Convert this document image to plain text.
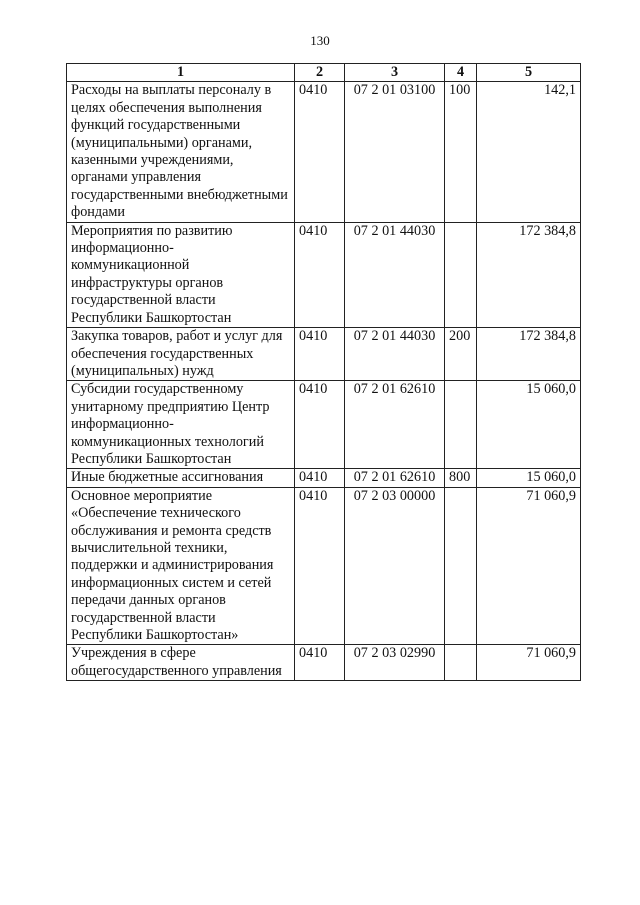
130
1	2	3	4	5
Расходы на выплаты персоналу в целях обеспечения выполнения функций государственными (муниципальными) органами, казенными учреждениями, органами управления государственными внебюджетными фондами	0410	07 2 01 03100	100	142,1
Мероприятия по развитию информационно-коммуникационной инфраструктуры органов государственной власти Республики Башкортостан	0410	07 2 01 44030		172 384,8
Закупка товаров, работ и услуг для обеспечения государственных (муниципальных) нужд	0410	07 2 01 44030	200	172 384,8
Субсидии государственному унитарному предприятию Центр информационно-коммуникационных технологий Республики Башкортостан	0410	07 2 01 62610		15 060,0
Иные бюджетные ассигнования	0410	07 2 01 62610	800	15 060,0
Основное мероприятие «Обеспечение технического обслуживания и ремонта средств вычислительной техники, поддержки и администрирования информационных систем и сетей передачи данных органов государственной власти Республики Башкортостан»	0410	07 2 03 00000		71 060,9
Учреждения в сфере общегосударственного управления	0410	07 2 03 02990		71 060,9
